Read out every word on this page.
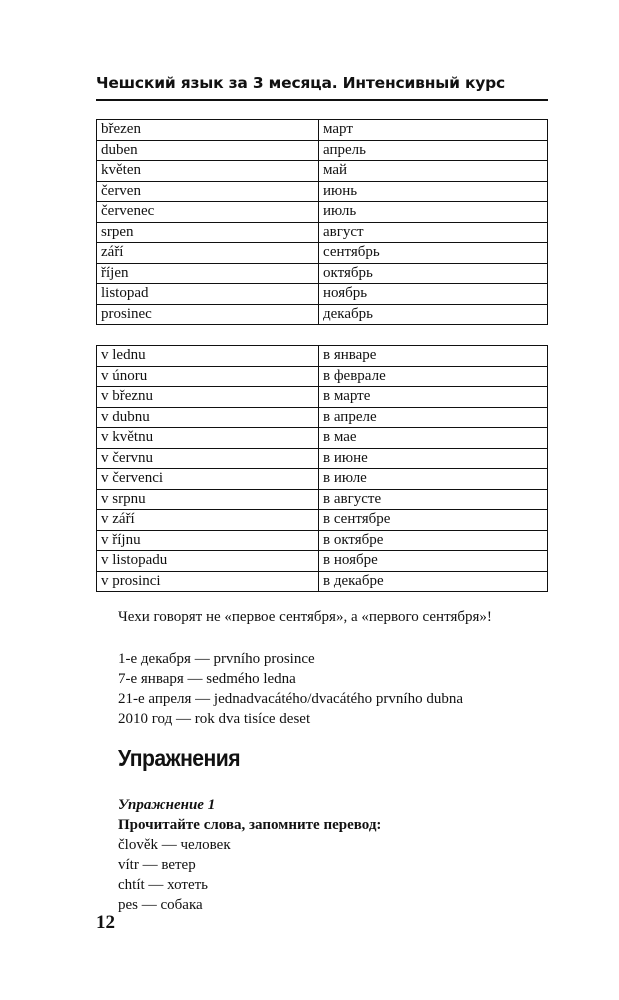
Чешский язык за 3 месяца. Интенсивный курс
březen	март
duben	апрель
květen	май
červen	июнь
červenec	июль
srpen	август
září	сентябрь
říjen	октябрь
listopad	ноябрь
prosinec	декабрь
v lednu	в январе
v únoru	в феврале
v březnu	в марте
v dubnu	в апреле
v květnu	в мае
v červnu	в июне
v červenci	в июле
v srpnu	в августе
v září	в сентябре
v říjnu	в октябре
v listopadu	в ноябре
v prosinci	в декабре
Чехи говорят не «первое сентября», а «первого сентября»!
1-е декабря — prvního prosince
7-е января — sedmého ledna
21-е апреля — jednadvacátého/dvacátého prvního dubna
2010 год — rok dva tisíce deset
Упражнения
Упражнение 1
Прочитайте слова, запомните перевод:
člověk — человек
vítr — ветер
chtít — хотеть
pes — собака
12
